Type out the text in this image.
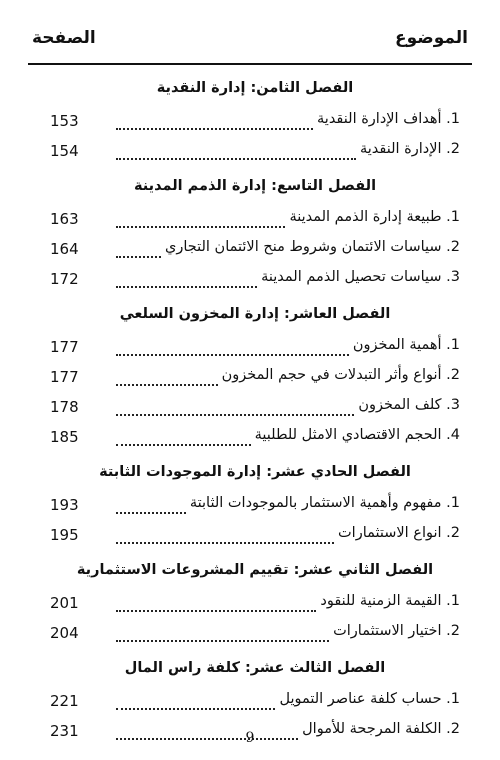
الموضوع
الصفحة
الفصل الثامن: إدارة النقدية
153	1. أهداف الإدارة النقدية
154	2. الإدارة النقدية
الفصل التاسع: إدارة الذمم المدينة
163	1. طبيعة إدارة الذمم المدينة
164	2. سياسات الائتمان وشروط منح الائتمان التجاري
172	3. سياسات تحصيل الذمم المدينة
الفصل العاشر: إدارة المخزون السلعي
177	1. أهمية المخزون
177	2. أنواع وأثر التبدلات في حجم المخزون
178	3. كلف المخزون
185	4. الحجم الاقتصادي الامثل للطلبية
الفصل الحادي عشر: إدارة الموجودات الثابتة
193	1. مفهوم وأهمية الاستثمار بالموجودات الثابتة
195	2. انواع الاستثمارات
الفصل الثاني عشر: تقييم المشروعات الاستثمارية
201	1. القيمة الزمنية للنقود
204	2. اختيار الاستثمارات
الفصل الثالث عشر: كلفة راس المال
221	1. حساب كلفة عناصر التمويل
231	2. الكلفة المرجحة للأموال
9
